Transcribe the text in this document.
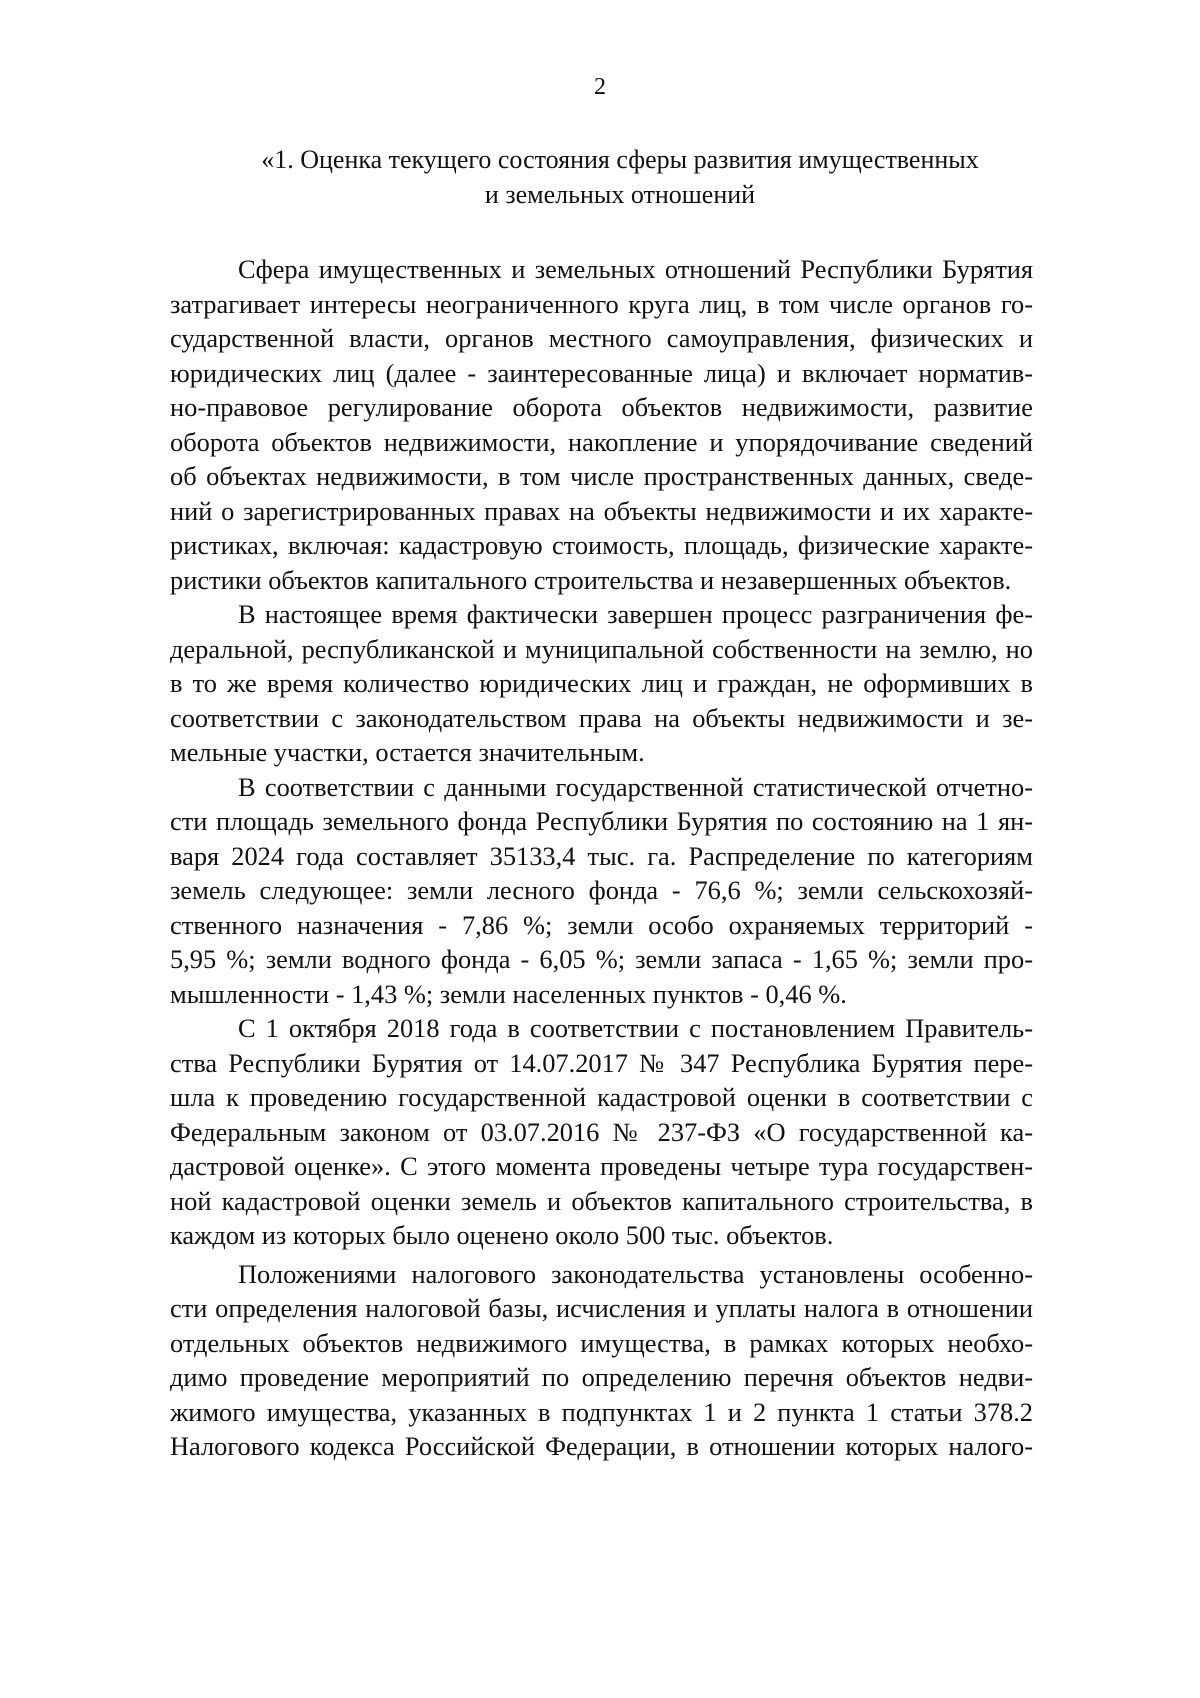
2
«1. Оценка текущего состояния сферы развития имущественных
и земельных отношений
Сфера имущественных и земельных отношений Республики Бурятия
затрагивает интересы неограниченного круга лиц, в том числе органов го-
сударственной власти, органов местного самоуправления, физических и
юридических лиц (далее - заинтересованные лица) и включает норматив-
но-правовое регулирование оборота объектов недвижимости, развитие
оборота объектов недвижимости, накопление и упорядочивание сведений
об объектах недвижимости, в том числе пространственных данных, сведе-
ний о зарегистрированных правах на объекты недвижимости и их характе-
ристиках, включая: кадастровую стоимость, площадь, физические характе-
ристики объектов капитального строительства и незавершенных объектов.
В настоящее время фактически завершен процесс разграничения фе-
деральной, республиканской и муниципальной собственности на землю, но
в то же время количество юридических лиц и граждан, не оформивших в
соответствии с законодательством права на объекты недвижимости и зе-
мельные участки, остается значительным.
В соответствии с данными государственной статистической отчетно-
сти площадь земельного фонда Республики Бурятия по состоянию на 1 ян-
варя 2024 года составляет 35133,4 тыс. га. Распределение по категориям
земель следующее: земли лесного фонда - 76,6 %; земли сельскохозяй-
ственного назначения - 7,86 %; земли особо охраняемых территорий -
5,95 %; земли водного фонда - 6,05 %; земли запаса - 1,65 %; земли про-
мышленности - 1,43 %; земли населенных пунктов - 0,46 %.
С 1 октября 2018 года в соответствии с постановлением Правитель-
ства Республики Бурятия от 14.07.2017 № 347 Республика Бурятия пере-
шла к проведению государственной кадастровой оценки в соответствии с
Федеральным законом от 03.07.2016 № 237-ФЗ «О государственной ка-
дастровой оценке». С этого момента проведены четыре тура государствен-
ной кадастровой оценки земель и объектов капитального строительства, в
каждом из которых было оценено около 500 тыс. объектов.
Положениями налогового законодательства установлены особенно-
сти определения налоговой базы, исчисления и уплаты налога в отношении
отдельных объектов недвижимого имущества, в рамках которых необхо-
димо проведение мероприятий по определению перечня объектов недви-
жимого имущества, указанных в подпунктах 1 и 2 пункта 1 статьи 378.2
Налогового кодекса Российской Федерации, в отношении которых налого-
